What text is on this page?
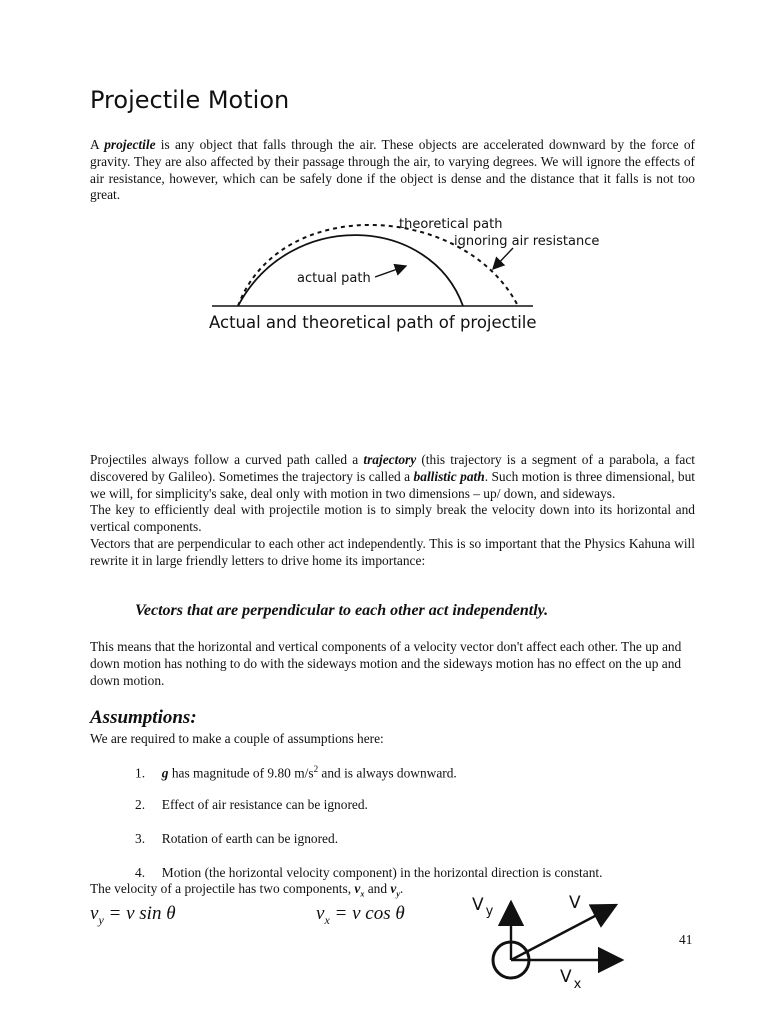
Projectile Motion

A projectile is any object that falls through the air. These objects are accelerated downward by the force of gravity. They are also affected by their passage through the air, to varying degrees. We will ignore the effects of air resistance, however, which can be safely done if the object is dense and the distance that it falls is not too great.

theoretical path
ignoring air resistance
actual path
Actual and theoretical path of projectile

Projectiles always follow a curved path called a trajectory (this trajectory is a segment of a parabola, a fact discovered by Galileo). Sometimes the trajectory is called a ballistic path. Such motion is three dimensional, but we will, for simplicity's sake, deal only with motion in two dimensions – up/ down, and sideways.

The key to efficiently deal with projectile motion is to simply break the velocity down into its horizontal and vertical components.

Vectors that are perpendicular to each other act independently. This is so important that the Physics Kahuna will rewrite it in large friendly letters to drive home its importance:

Vectors that are perpendicular to each other act independently.
This means that the horizontal and vertical components of a velocity vector don't affect each other. The up and down motion has nothing to do with the sideways motion and the sideways motion has no effect on the up and down motion.
Assumptions:
We are required to make a couple of assumptions here:
1. g has magnitude of 9.80 $m/s^2$ and is always downward.
2. Effect of air resistance can be ignored.
3. Rotation of earth can be ignored.
4. Motion (the horizontal velocity component) in the horizontal direction is constant.
The velocity of a projectile has two components, $v_x$ and $v_y$.
$v_y = v$ sin θ	$v_x = v$ cos θ	V $_y$	V
V $_x$
41
